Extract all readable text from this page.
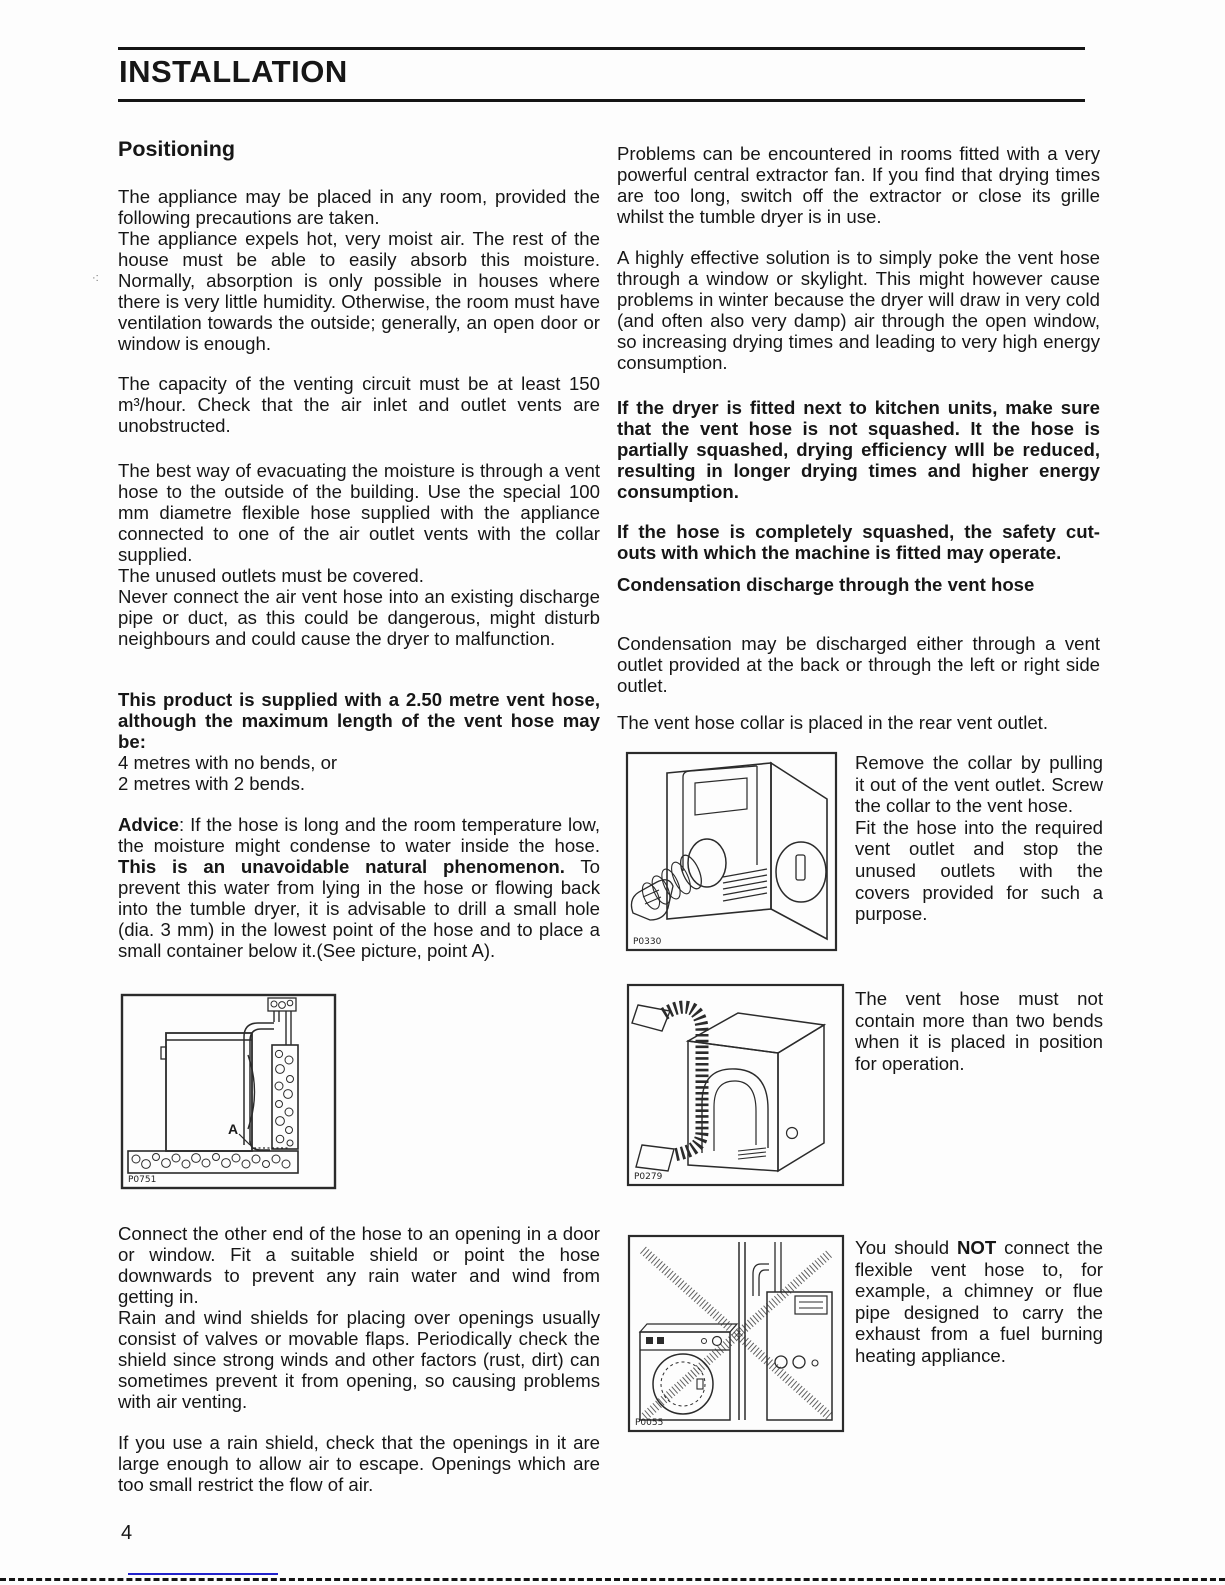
INSTALLATION
·:

Positioning

The appliance may be placed in any room, provided the following precautions are taken.

The appliance expels hot, very moist air. The rest of the house must be able to easily absorb this moisture. Normally, absorption is only possible in houses where there is very little humidity. Otherwise, the room must have ventilation towards the outside; generally, an open door or window is enough.

The capacity of the venting circuit must be at least 150 m³/hour. Check that the air inlet and outlet vents are unobstructed.

The best way of evacuating the moisture is through a vent hose to the outside of the building. Use the special 100 mm diametre flexible hose supplied with the appliance connected to one of the air outlet vents with the collar supplied.

The unused outlets must be covered.

Never connect the air vent hose into an existing discharge pipe or duct, as this could be dangerous, might disturb neighbours and could cause the dryer to malfunction.

This product is supplied with a 2.50 metre vent hose, although the maximum length of the vent hose may be:

4 metres with no bends, or

2 metres with 2 bends.

Advice: If the hose is long and the room temperature low, the moisture might condense to water inside the hose. This is an unavoidable natural phenomenon. To prevent this water from lying in the hose or flowing back into the tumble dryer, it is advisable to drill a small hole (dia. 3 mm) in the lowest point of the hose and to place a small container below it.(See picture, point A).

A
P0751

Connect the other end of the hose to an opening in a door or window. Fit a suitable shield or point the hose downwards to prevent any rain water and wind from getting in.

Rain and wind shields for placing over openings usually consist of valves or movable flaps. Periodically check the shield since strong winds and other factors (rust, dirt) can sometimes prevent it from opening, so causing problems with air venting.

If you use a rain shield, check that the openings in it are large enough to allow air to escape. Openings which are too small restrict the flow of air.

Problems can be encountered in rooms fitted with a very powerful central extractor fan. If you find that drying times are too long, switch off the extractor or close its grille whilst the tumble dryer is in use.

A highly effective solution is to simply poke the vent hose through a window or skylight. This might however cause problems in winter because the dryer will draw in very cold (and often also very damp) air through the open window, so increasing drying times and leading to very high energy consumption.

If the dryer is fitted next to kitchen units, make sure that the vent hose is not squashed. It the hose is partially squashed, drying efficiency wIll be reduced, resulting in longer drying times and higher energy consumption.

If the hose is completely squashed, the safety cut-outs with which the machine is fitted may operate.

Condensation discharge through the vent hose

Condensation may be discharged either through a vent outlet provided at the back or through the left or right side outlet.

The vent hose collar is placed in the rear vent outlet.

P0330

Remove the collar by pulling it out of the vent outlet. Screw the collar to the vent hose.

Fit the hose into the required vent outlet and stop the unused outlets with the covers provided for such a purpose.

P0279

The vent hose must not contain more than two bends when it is placed in position for operation.

P0055

You should NOT connect the flexible vent hose to, for example, a chimney or flue pipe designed to carry the exhaust from a fuel burning heating appliance.

4
